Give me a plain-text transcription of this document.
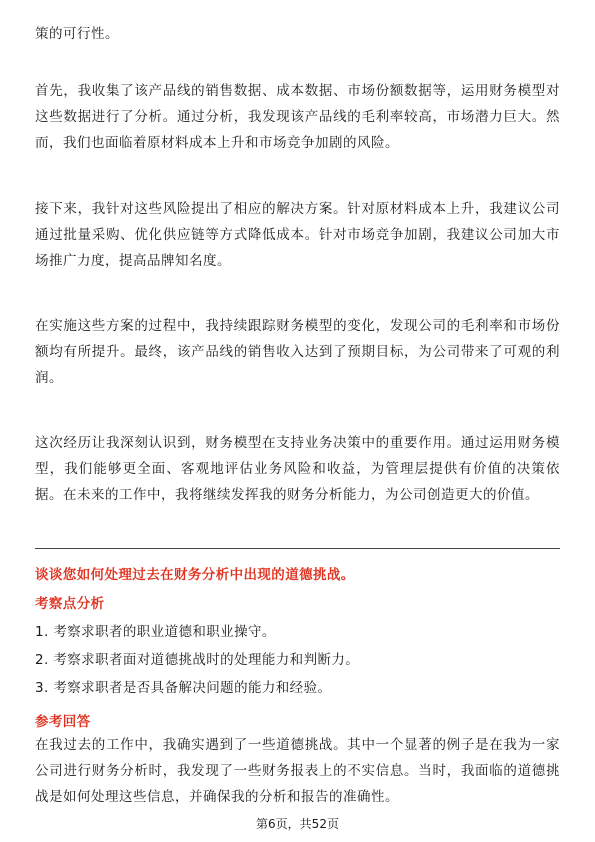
策的可行性。

首先，我收集了该产品线的销售数据、成本数据、市场份额数据等，运用财务模型对这些数据进行了分析。通过分析，我发现该产品线的毛利率较高，市场潜力巨大。然而，我们也面临着原材料成本上升和市场竞争加剧的风险。

接下来，我针对这些风险提出了相应的解决方案。针对原材料成本上升，我建议公司通过批量采购、优化供应链等方式降低成本。针对市场竞争加剧，我建议公司加大市场推广力度，提高品牌知名度。

在实施这些方案的过程中，我持续跟踪财务模型的变化，发现公司的毛利率和市场份额均有所提升。最终，该产品线的销售收入达到了预期目标，为公司带来了可观的利润。

这次经历让我深刻认识到，财务模型在支持业务决策中的重要作用。通过运用财务模型，我们能够更全面、客观地评估业务风险和收益，为管理层提供有价值的决策依据。在未来的工作中，我将继续发挥我的财务分析能力，为公司创造更大的价值。

谈谈您如何处理过去在财务分析中出现的道德挑战。
考察点分析
1. 考察求职者的职业道德和职业操守。
2. 考察求职者面对道德挑战时的处理能力和判断力。
3. 考察求职者是否具备解决问题的能力和经验。
参考回答

在我过去的工作中，我确实遇到了一些道德挑战。其中一个显著的例子是在我为一家公司进行财务分析时，我发现了一些财务报表上的不实信息。当时，我面临的道德挑战是如何处理这些信息，并确保我的分析和报告的准确性。

第6页，共52页
